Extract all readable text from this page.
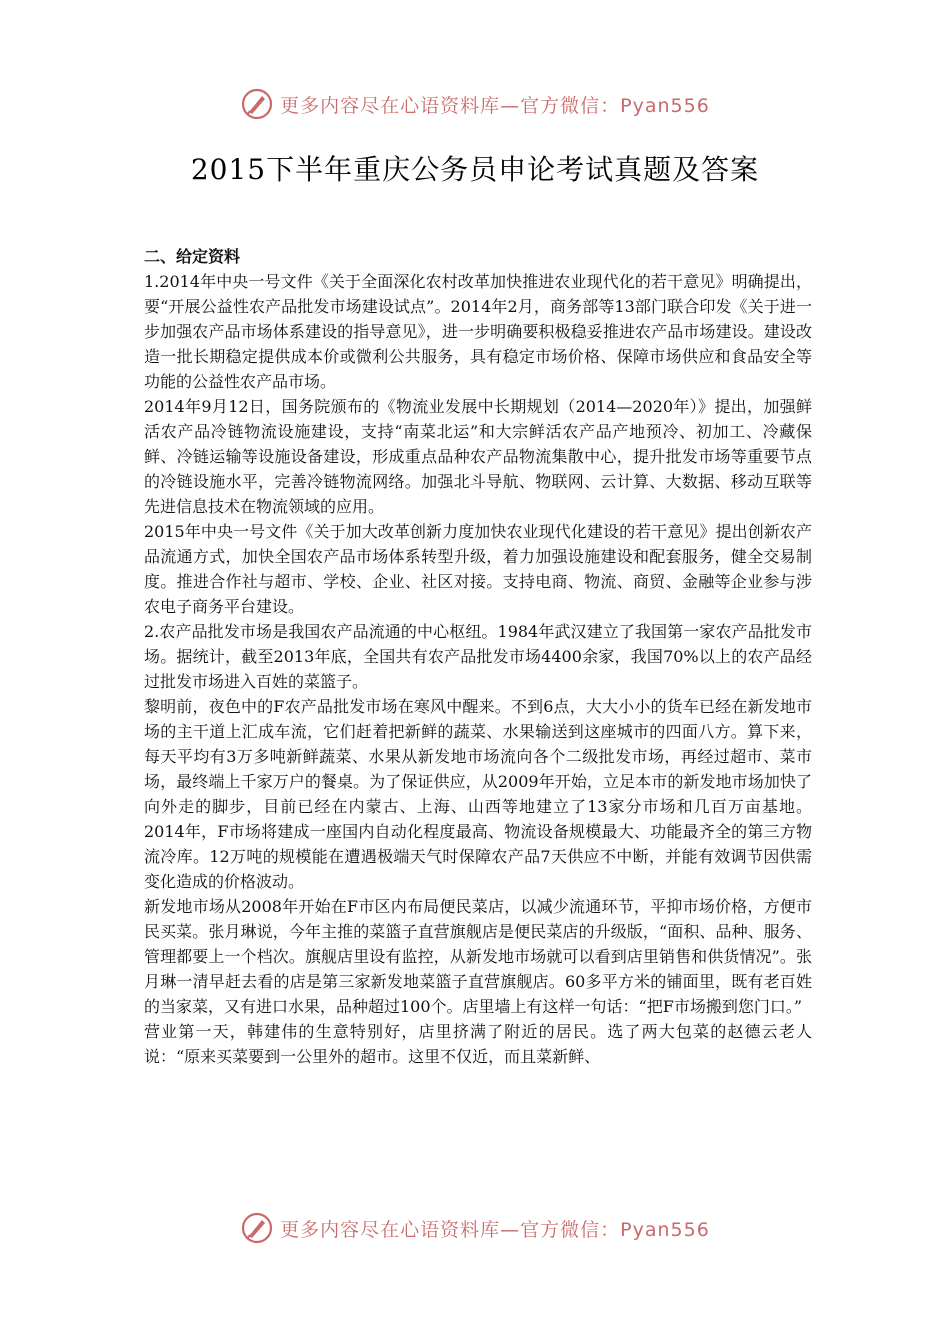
更多内容尽在心语资料库—官方微信：Pyan556
2015下半年重庆公务员申论考试真题及答案

二、给定资料

1.2014年中央一号文件《关于全面深化农村改革加快推进农业现代化的若干意见》明确提出，要“开展公益性农产品批发市场建设试点”。2014年2月，商务部等13部门联合印发《关于进一步加强农产品市场体系建设的指导意见》，进一步明确要积极稳妥推进农产品市场建设。建设改造一批长期稳定提供成本价或微利公共服务，具有稳定市场价格、保障市场供应和食品安全等功能的公益性农产品市场。

2014年9月12日，国务院颁布的《物流业发展中长期规划（2014—2020年）》提出，加强鲜活农产品冷链物流设施建设，支持“南菜北运”和大宗鲜活农产品产地预冷、初加工、冷藏保鲜、冷链运输等设施设备建设，形成重点品种农产品物流集散中心，提升批发市场等重要节点的冷链设施水平，完善冷链物流网络。加强北斗导航、物联网、云计算、大数据、移动互联等先进信息技术在物流领域的应用。

2015年中央一号文件《关于加大改革创新力度加快农业现代化建设的若干意见》提出创新农产品流通方式，加快全国农产品市场体系转型升级，着力加强设施建设和配套服务，健全交易制度。推进合作社与超市、学校、企业、社区对接。支持电商、物流、商贸、金融等企业参与涉农电子商务平台建设。

2.农产品批发市场是我国农产品流通的中心枢纽。1984年武汉建立了我国第一家农产品批发市场。据统计，截至2013年底，全国共有农产品批发市场4400余家，我国70%以上的农产品经过批发市场进入百姓的菜篮子。

黎明前，夜色中的F农产品批发市场在寒风中醒来。不到6点，大大小小的货车已经在新发地市场的主干道上汇成车流，它们赶着把新鲜的蔬菜、水果输送到这座城市的四面八方。算下来，每天平均有3万多吨新鲜蔬菜、水果从新发地市场流向各个二级批发市场，再经过超市、菜市场，最终端上千家万户的餐桌。为了保证供应，从2009年开始，立足本市的新发地市场加快了向外走的脚步，目前已经在内蒙古、上海、山西等地建立了13家分市场和几百万亩基地。2014年，F市场将建成一座国内自动化程度最高、物流设备规模最大、功能最齐全的第三方物流冷库。12万吨的规模能在遭遇极端天气时保障农产品7天供应不中断，并能有效调节因供需变化造成的价格波动。

新发地市场从2008年开始在F市区内布局便民菜店，以减少流通环节，平抑市场价格，方便市民买菜。张月琳说，今年主推的菜篮子直营旗舰店是便民菜店的升级版，“面积、品种、服务、管理都要上一个档次。旗舰店里设有监控，从新发地市场就可以看到店里销售和供货情况”。张月琳一清早赶去看的店是第三家新发地菜篮子直营旗舰店。60多平方米的铺面里，既有老百姓的当家菜，又有进口水果，品种超过100个。店里墙上有这样一句话：“把F市场搬到您门口。”

营业第一天，韩建伟的生意特别好，店里挤满了附近的居民。选了两大包菜的赵德云老人说：“原来买菜要到一公里外的超市。这里不仅近，而且菜新鲜、

更多内容尽在心语资料库—官方微信：Pyan556
